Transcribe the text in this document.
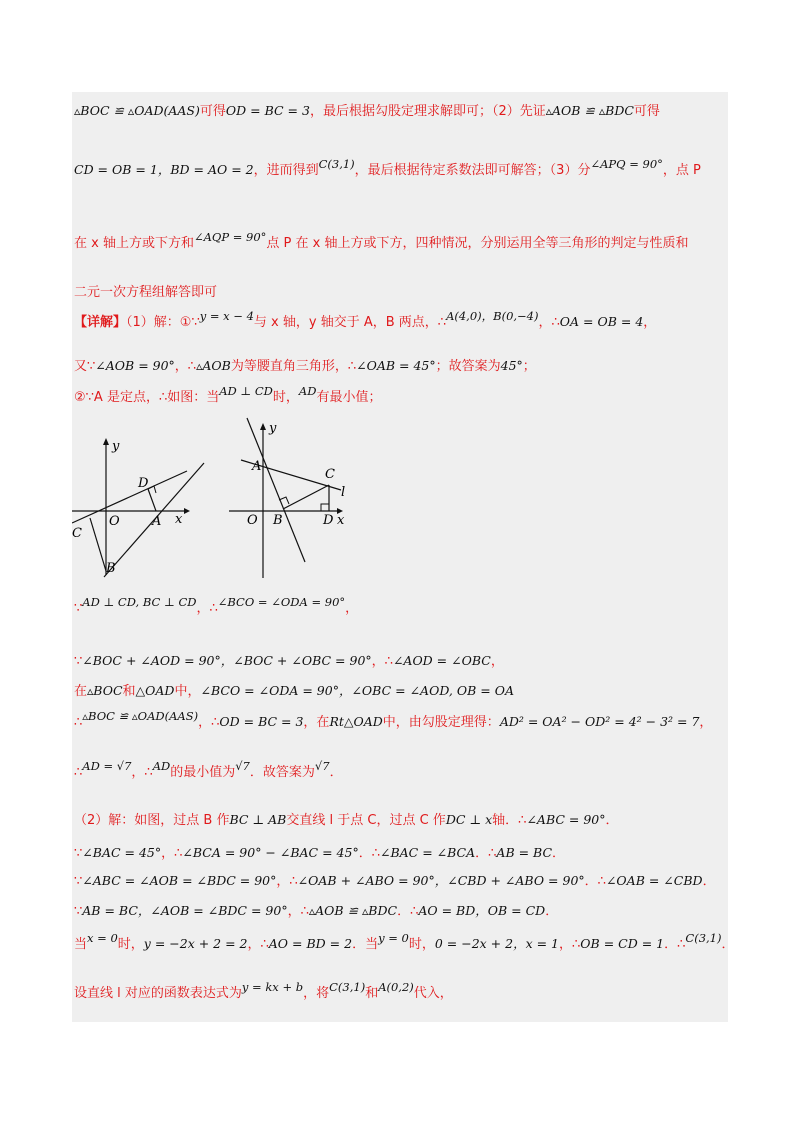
▵BOC ≌ ▵OAD(AAS)可得OD = BC = 3，最后根据勾股定理求解即可；（2）先证▵AOB ≌ ▵BDC可得
CD = OB = 1，BD = AO = 2，进而得到C(3,1)，最后根据待定系数法即可解答；（3）分∠APQ = 90°，点 P
在 x 轴上方或下方和∠AQP = 90°点 P 在 x 轴上方或下方，四种情况，分别运用全等三角形的判定与性质和
二元一次方程组解答即可
【详解】（1）解：①∵y = x − 4与 x 轴，y 轴交于 A，B 两点，∴A(4,0)，B(0,−4)，∴OA = OB = 4，
又∵∠AOB = 90°，∴▵AOB为等腰直角三角形，∴∠OAB = 45°；故答案为45°；
②∵A 是定点，∴如图：当AD ⊥ CD时，AD有最小值；
∵AD ⊥ CD, BC ⊥ CD，∴∠BCO = ∠ODA = 90°，
∵∠BOC + ∠AOD = 90°，∠BOC + ∠OBC = 90°，∴∠AOD = ∠OBC，
在▵BOC和△OAD中，∠BCO = ∠ODA = 90°，∠OBC = ∠AOD, OB = OA
∴▵BOC ≌ ▵OAD(AAS)，∴OD = BC = 3，在Rt△OAD中，由勾股定理得：AD² = OA² − OD² = 4² − 3² = 7，
∴AD = √7，∴AD的最小值为√7．故答案为√7．
（2）解：如图，过点 B 作BC ⊥ AB交直线 l 于点 C，过点 C 作DC ⊥ x轴．∴∠ABC = 90°．
∵∠BAC = 45°，∴∠BCA = 90° − ∠BAC = 45°．∴∠BAC = ∠BCA．∴AB = BC．
∵∠ABC = ∠AOB = ∠BDC = 90°，∴∠OAB + ∠ABO = 90°，∠CBD + ∠ABO = 90°．∴∠OAB = ∠CBD．
∵AB = BC，∠AOB = ∠BDC = 90°，∴▵AOB ≌ ▵BDC．∴AO = BD，OB = CD．
当x = 0时，y = −2x + 2 = 2，∴AO = BD = 2．当y = 0时，0 = −2x + 2，x = 1，∴OB = CD = 1．∴C(3,1)．
设直线 l 对应的函数表达式为y = kx + b，将C(3,1)和A(0,2)代入，
y
x
O A
B
C
D
y
x
O
A
B
C
D
l
